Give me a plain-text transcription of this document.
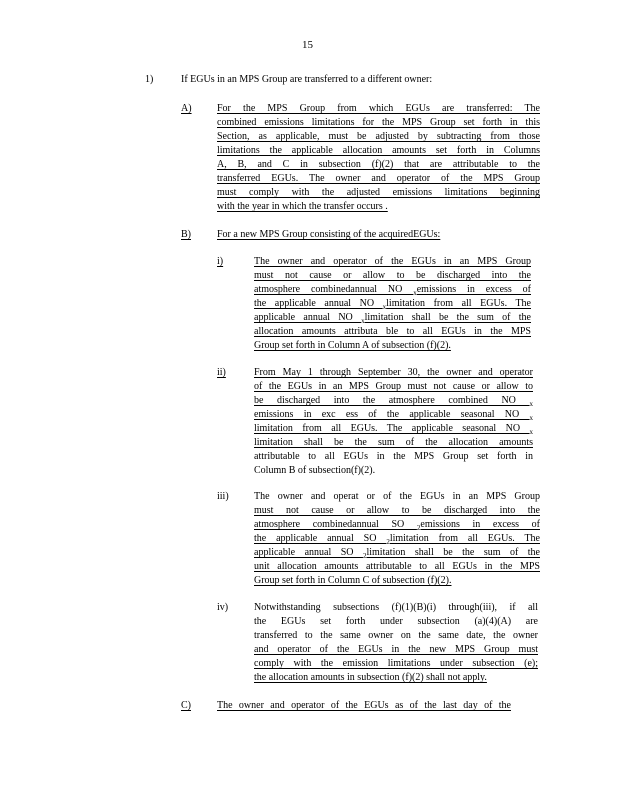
15
1)	If EGUs in an MPS Group are transferred to a different owner:
A)	For the MPS Group from which EGUs are transferred: The
combined emissions limitations for the MPS Group set forth in this
Section, as applicable, must be adjusted by subtracting from those
limitations the applicable allocation amounts set forth in Columns
A, B, and C in subsection (f)(2) that are attributable to the
transferred EGUs. The owner and operator of the MPS Group
must comply with the adjusted emissions limitations beginning
with the year in which the transfer occurs .
B)	For a new MPS Group consisting of the acquiredEGUs:
i)	The owner and operator of the EGUs in an MPS Group
must not cause or allow to be discharged into the
atmosphere combinedannual NO $_x$emissions in excess of
the applicable annual NO $_x$limitation from all EGUs. The
applicable annual NO $_x$limitation shall be the sum of the
allocation amounts attributa ble to all EGUs in the MPS
Group set forth in Column A of subsection (f)(2).
ii)	From May 1 through September 30, the owner and operator
of the EGUs in an MPS Group must not cause or allow to
be discharged into the atmosphere combined NO $_x$
emissions in exc ess of the applicable seasonal NO $_x$
limitation from all EGUs. The applicable seasonal NO $_x$
limitation shall be the sum of the allocation amounts
attributable to all EGUs in the MPS Group set forth in
Column B of subsection(f)(2).
iii)	The owner and operat or of the EGUs in an MPS Group
must not cause or allow to be discharged into the
atmosphere combinedannual SO $_2$emissions in excess of
the applicable annual SO $_2$limitation from all EGUs. The
applicable annual SO $_2$limitation shall be the sum of the
unit allocation amounts attributable to all EGUs in the MPS
Group set forth in Column C of subsection (f)(2).
iv)	Notwithstanding subsections (f)(1)(B)(i) through(iii), if all
the EGUs set forth under subsection (a)(4)(A) are
transferred to the same owner on the same date, the owner
and operator of the EGUs in the new MPS Group must
comply with the emission limitations under subsection (e);
the allocation amounts in subsection (f)(2) shall not apply.
C)	The owner and operator of the EGUs as of the last day of the
